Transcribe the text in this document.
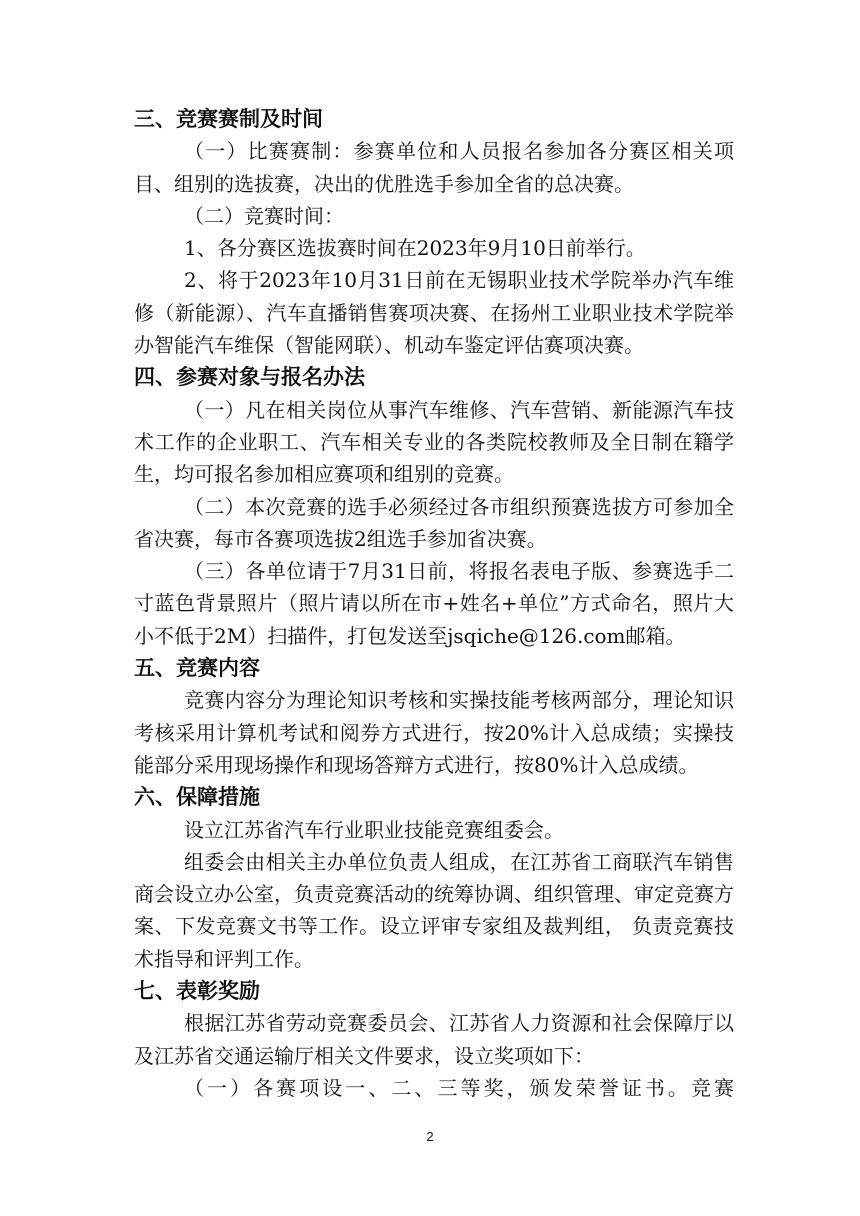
三、竞赛赛制及时间

（一）比赛赛制：参赛单位和人员报名参加各分赛区相关项目、组别的选拔赛，决出的优胜选手参加全省的总决赛。

（二）竞赛时间：

1、各分赛区选拔赛时间在2023年9月10日前举行。

2、将于2023年10月31日前在无锡职业技术学院举办汽车维修（新能源）、汽车直播销售赛项决赛、在扬州工业职业技术学院举办智能汽车维保（智能网联）、机动车鉴定评估赛项决赛。

四、参赛对象与报名办法

（一）凡在相关岗位从事汽车维修、汽车营销、新能源汽车技术工作的企业职工、汽车相关专业的各类院校教师及全日制在籍学生，均可报名参加相应赛项和组别的竞赛。

（二）本次竞赛的选手必须经过各市组织预赛选拔方可参加全省决赛，每市各赛项选拔2组选手参加省决赛。

（三）各单位请于7月31日前，将报名表电子版、参赛选手二寸蓝色背景照片（照片请以所在市+姓名+单位”方式命名，照片大小不低于2M）扫描件，打包发送至jsqiche@126.com邮箱。

五、竞赛内容

竞赛内容分为理论知识考核和实操技能考核两部分，理论知识考核采用计算机考试和阅券方式进行，按20%计入总成绩；实操技能部分采用现场操作和现场答辩方式进行，按80%计入总成绩。

六、保障措施

设立江苏省汽车行业职业技能竞赛组委会。

组委会由相关主办单位负责人组成，在江苏省工商联汽车销售商会设立办公室，负责竞赛活动的统筹协调、组织管理、审定竞赛方案、下发竞赛文书等工作。设立评审专家组及裁判组， 负责竞赛技术指导和评判工作。

七、表彰奖励

根据江苏省劳动竞赛委员会、江苏省人力资源和社会保障厅以及江苏省交通运输厅相关文件要求，设立奖项如下：

（一）各赛项设一、二、三等奖，颁发荣誉证书。竞赛

2
